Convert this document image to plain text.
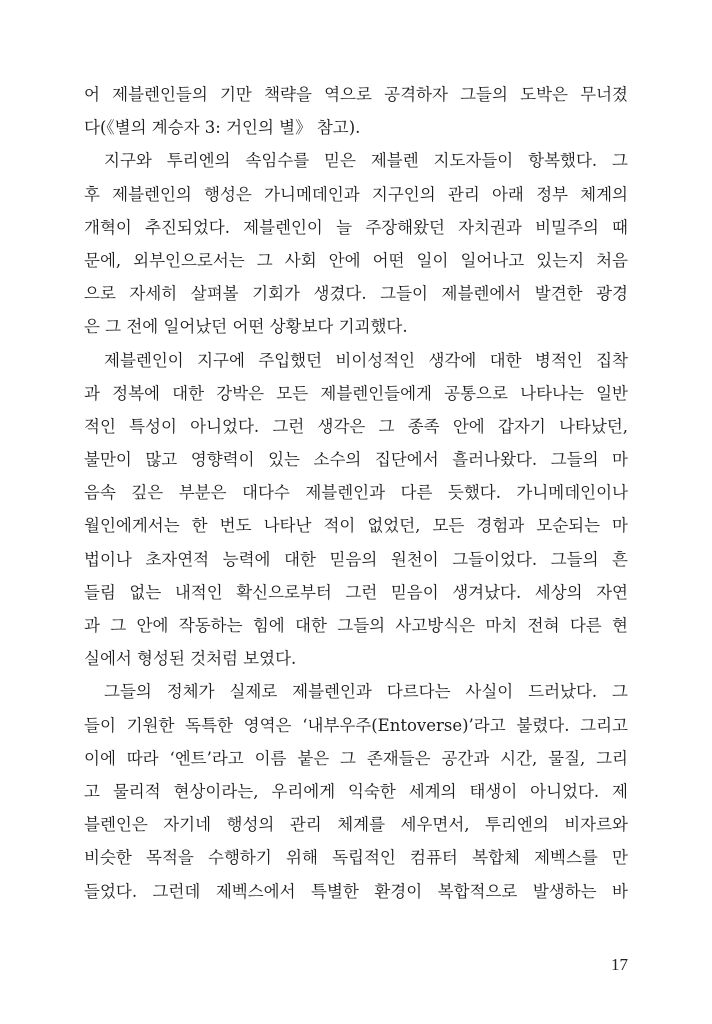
어 제블렌인들의 기만 책략을 역으로 공격하자 그들의 도박은 무너졌
다(《별의 계승자 3: 거인의 별》 참고).
지구와 투리엔의 속임수를 믿은 제블렌 지도자들이 항복했다. 그
후 제블렌인의 행성은 가니메데인과 지구인의 관리 아래 정부 체계의
개혁이 추진되었다. 제블렌인이 늘 주장해왔던 자치권과 비밀주의 때
문에, 외부인으로서는 그 사회 안에 어떤 일이 일어나고 있는지 처음
으로 자세히 살펴볼 기회가 생겼다. 그들이 제블렌에서 발견한 광경
은 그 전에 일어났던 어떤 상황보다 기괴했다.
제블렌인이 지구에 주입했던 비이성적인 생각에 대한 병적인 집착
과 정복에 대한 강박은 모든 제블렌인들에게 공통으로 나타나는 일반
적인 특성이 아니었다. 그런 생각은 그 종족 안에 갑자기 나타났던,
불만이 많고 영향력이 있는 소수의 집단에서 흘러나왔다. 그들의 마
음속 깊은 부분은 대다수 제블렌인과 다른 듯했다. 가니메데인이나
월인에게서는 한 번도 나타난 적이 없었던, 모든 경험과 모순되는 마
법이나 초자연적 능력에 대한 믿음의 원천이 그들이었다. 그들의 흔
들림 없는 내적인 확신으로부터 그런 믿음이 생겨났다. 세상의 자연
과 그 안에 작동하는 힘에 대한 그들의 사고방식은 마치 전혀 다른 현
실에서 형성된 것처럼 보였다.
그들의 정체가 실제로 제블렌인과 다르다는 사실이 드러났다. 그
들이 기원한 독특한 영역은 ‘내부우주(Entoverse)’라고 불렸다. 그리고
이에 따라 ‘엔트’라고 이름 붙은 그 존재들은 공간과 시간, 물질, 그리
고 물리적 현상이라는, 우리에게 익숙한 세계의 태생이 아니었다. 제
블렌인은 자기네 행성의 관리 체계를 세우면서, 투리엔의 비자르와
비슷한 목적을 수행하기 위해 독립적인 컴퓨터 복합체 제벡스를 만
들었다. 그런데 제벡스에서 특별한 환경이 복합적으로 발생하는 바
17
